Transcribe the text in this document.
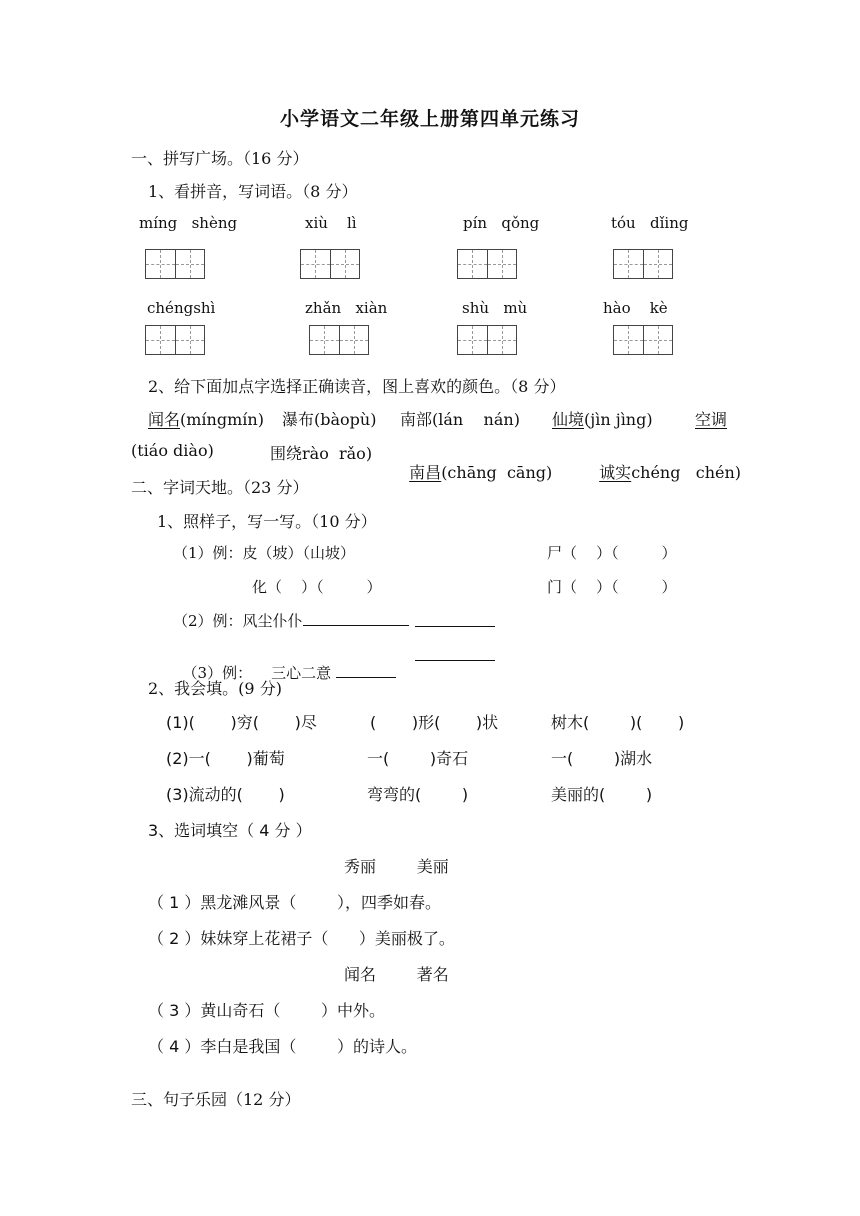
小学语文二年级上册第四单元练习
一、拼写广场。（16 分）
1、看拼音，写词语。（8 分）
míng   shèng	xiù    lì	pín   qǒng	tóu   dǐing
chéngshì	zhǎn   xiàn	shù   mù	hào    kè
2、给下面加点字选择正确读音，图上喜欢的颜色。（8 分）
闻名(míngmín) 瀑布(bàopù) 南部(lán    nán) 仙境(jìn jìng)	空调
(tiáo diào)	围绕rào  rǎo)

南昌(chāng  cāng)	诚实chéng   chén)

二、字词天地。（23 分）
1、照样子，写一写。（10 分）
（1）例：皮（坡）（山坡）	尸（    ）（         ）
化（    ）（         ）	门（    ）（         ）
（2）例：风尘仆仆

（3）例：    三心二意

2、我会填。(9 分)
(1)(       )穷(       )尽	(       )形(       )状	树木(        )(       )
(2)一(       )葡萄	一(        )奇石	一(        )湖水
(3)流动的(       )	弯弯的(        )	美丽的(        )
3、选词填空（ 4 分 ）
秀丽        美丽
（ 1 ）黑龙滩风景（        ），四季如春。
（ 2 ）妹妹穿上花裙子（      ）美丽极了。
闻名        著名
（ 3 ）黄山奇石（        ）中外。
（ 4 ）李白是我国（        ）的诗人。
三、句子乐园（12 分）
